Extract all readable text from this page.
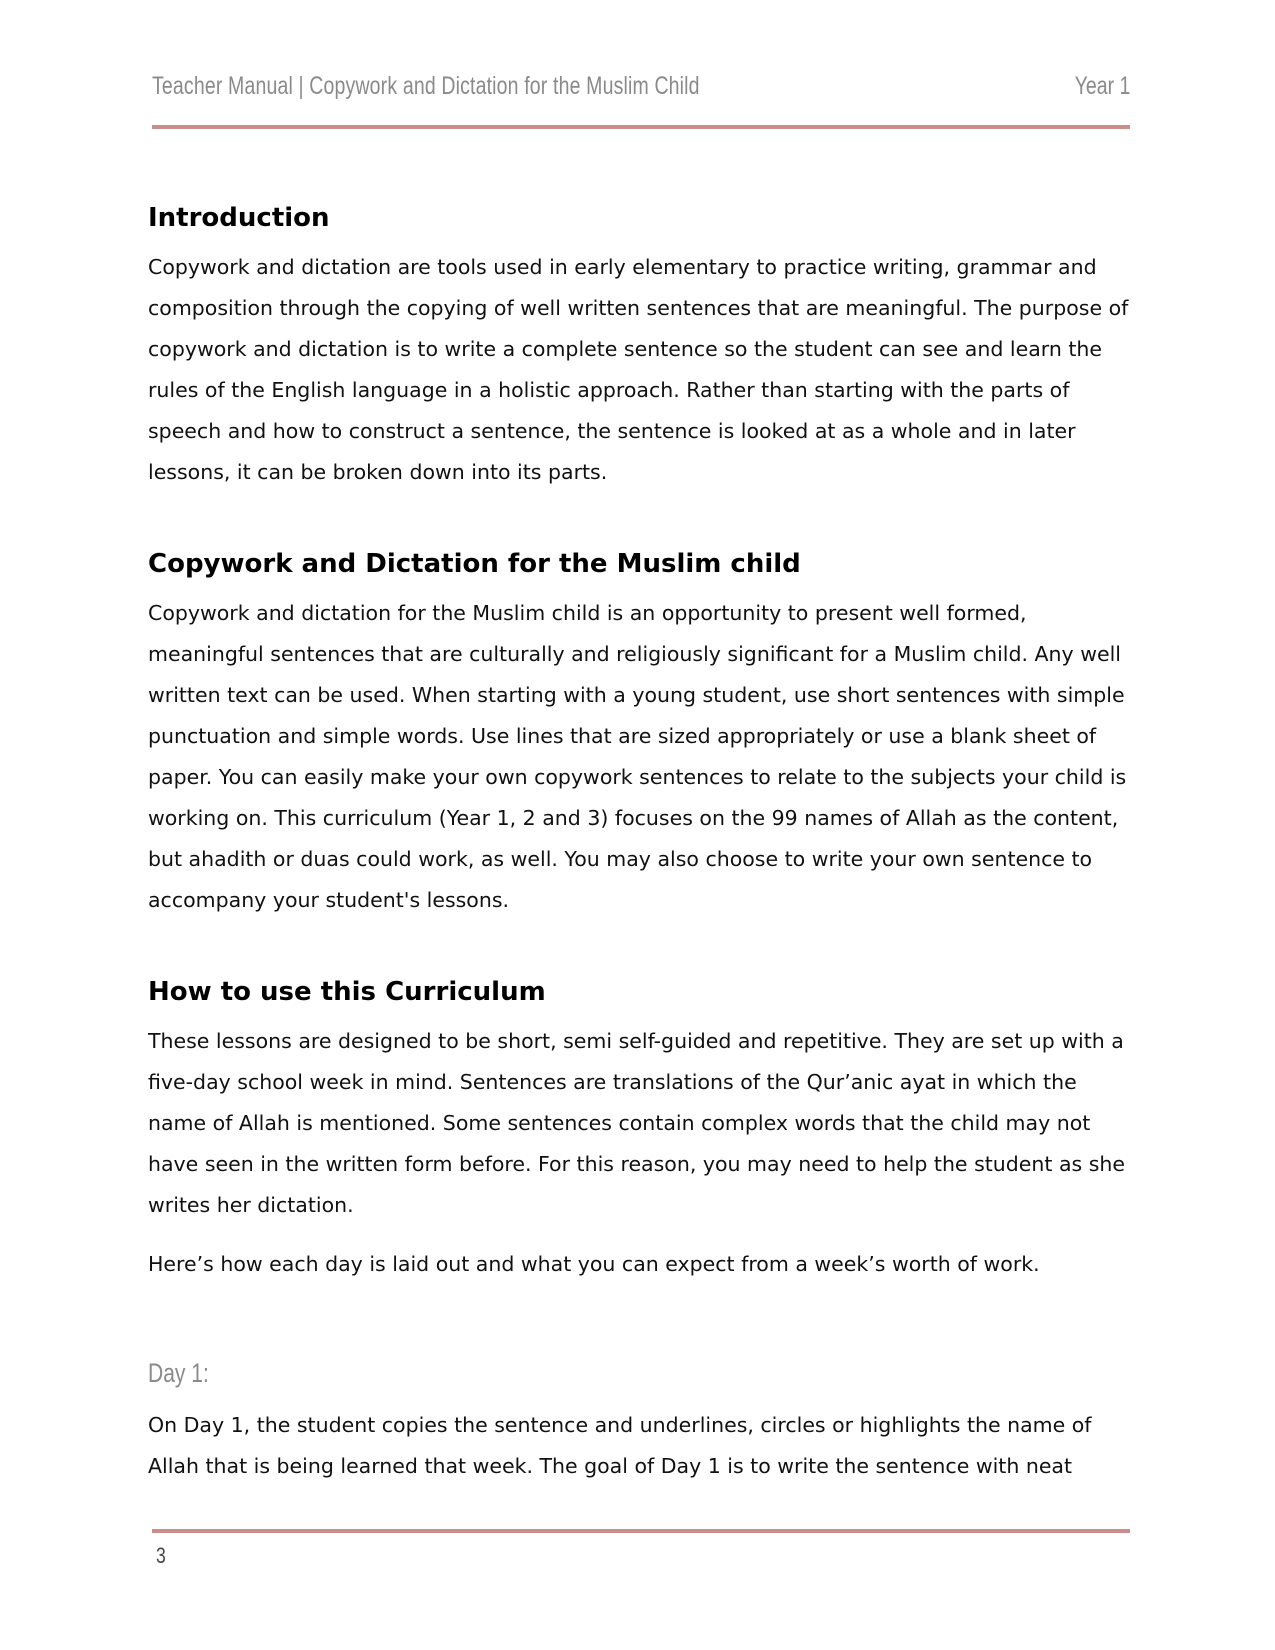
Teacher Manual | Copywork and Dictation for the Muslim Child	Year 1
Introduction

Copywork and dictation are tools used in early elementary to practice writing, grammar and composition through the copying of well written sentences that are meaningful. The purpose of copywork and dictation is to write a complete sentence so the student can see and learn the rules of the English language in a holistic approach. Rather than starting with the parts of speech and how to construct a sentence, the sentence is looked at as a whole and in later lessons, it can be broken down into its parts.

Copywork and Dictation for the Muslim child

Copywork and dictation for the Muslim child is an opportunity to present well formed, meaningful sentences that are culturally and religiously significant for a Muslim child. Any well written text can be used. When starting with a young student, use short sentences with simple punctuation and simple words. Use lines that are sized appropriately or use a blank sheet of paper. You can easily make your own copywork sentences to relate to the subjects your child is working on. This curriculum (Year 1, 2 and 3) focuses on the 99 names of Allah as the content, but ahadith or duas could work, as well. You may also choose to write your own sentence to accompany your student's lessons.

How to use this Curriculum

These lessons are designed to be short, semi self-guided and repetitive. They are set up with a five-day school week in mind. Sentences are translations of the Qur’anic ayat in which the name of Allah is mentioned. Some sentences contain complex words that the child may not have seen in the written form before. For this reason, you may need to help the student as she writes her dictation.

Here’s how each day is laid out and what you can expect from a week’s worth of work.

Day 1:

On Day 1, the student copies the sentence and underlines, circles or highlights the name of Allah that is being learned that week. The goal of Day 1 is to write the sentence with neat

3
